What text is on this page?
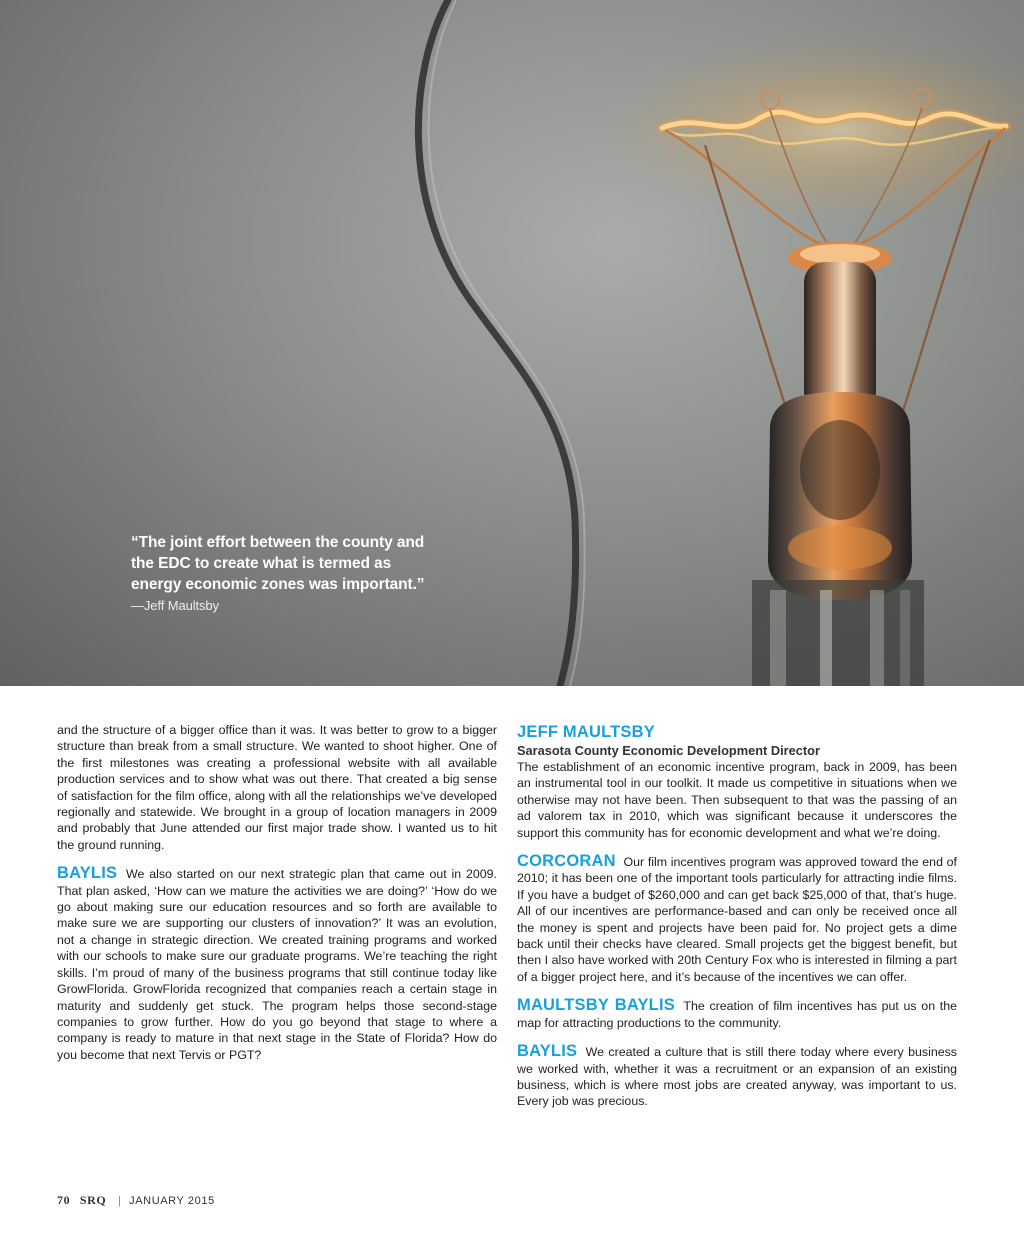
“The joint effort between the county and the EDC to create what is termed as energy economic zones was important.” —Jeff Maultsby

and the structure of a bigger office than it was. It was better to grow to a bigger structure than break from a small structure. We wanted to shoot higher. One of the first milestones was creating a professional website with all available production services and to show what was out there. That created a big sense of satisfaction for the film office, along with all the relationships we’ve developed regionally and statewide. We brought in a group of location managers in 2009 and probably that June attended our first major trade show. I wanted us to hit the ground running.

BAYLIS We also started on our next strategic plan that came out in 2009. That plan asked, ‘How can we mature the activities we are doing?’ ‘How do we go about making sure our education resources and so forth are available to make sure we are supporting our clusters of innovation?’ It was an evolution, not a change in strategic direction. We created training programs and worked with our schools to make sure our graduate programs. We’re teaching the right skills. I’m proud of many of the business programs that still continue today like GrowFlorida. GrowFlorida recognized that companies reach a certain stage in maturity and suddenly get stuck. The program helps those second-stage companies to grow further. How do you go beyond that stage to where a company is ready to mature in that next stage in the State of Florida? How do you become that next Tervis or PGT?

JEFF MAULTSBY

Sarasota County Economic Development Director

The establishment of an economic incentive program, back in 2009, has been an instrumental tool in our toolkit. It made us competitive in situations when we otherwise may not have been. Then subsequent to that was the passing of an ad valorem tax in 2010, which was significant because it underscores the support this community has for economic development and what we’re doing.

CORCORAN Our film incentives program was approved toward the end of 2010; it has been one of the important tools particularly for attracting indie films. If you have a budget of $260,000 and can get back $25,000 of that, that’s huge. All of our incentives are performance-based and can only be received once all the money is spent and projects have been paid for. No project gets a dime back until their checks have cleared. Small projects get the biggest benefit, but then I also have worked with 20th Century Fox who is interested in filming a part of a bigger project here, and it’s because of the incentives we can offer.

MAULTSBY BAYLIS The creation of film incentives has put us on the map for attracting productions to the community.

BAYLIS We created a culture that is still there today where every business we worked with, whether it was a recruitment or an expansion of an existing business, which is where most jobs are created anyway, was important to us. Every job was precious.

70 SRQ | JANUARY 2015
